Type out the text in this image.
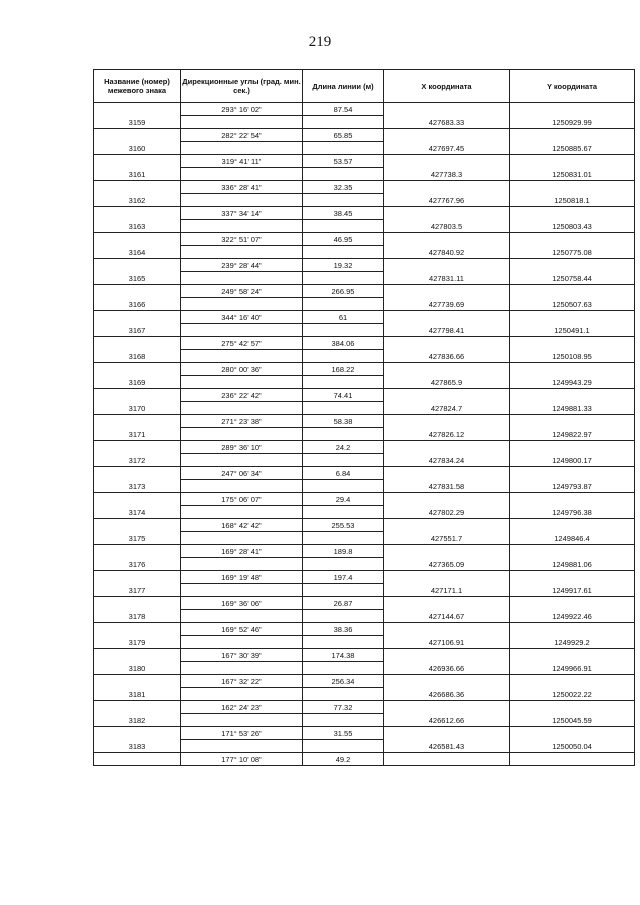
219
Название (номер) межевого знака	Дирекционные углы (град. мин. сек.)	Длина линии (м)	X координата	Y координата
	293° 16' 02"	87.54		
3159			427683.33	1250929.99
	282° 22' 54"	65.85		
3160			427697.45	1250885.67
	319° 41' 11"	53.57		
3161			427738.3	1250831.01
	336° 28' 41"	32.35		
3162			427767.96	1250818.1
	337° 34' 14"	38.45		
3163			427803.5	1250803.43
	322° 51' 07"	46.95		
3164			427840.92	1250775.08
	239° 28' 44"	19.32		
3165			427831.11	1250758.44
	249° 58' 24"	266.95		
3166			427739.69	1250507.63
	344° 16' 40"	61		
3167			427798.41	1250491.1
	275° 42' 57"	384.06		
3168			427836.66	1250108.95
	280° 00' 36"	168.22		
3169			427865.9	1249943.29
	236° 22' 42"	74.41		
3170			427824.7	1249881.33
	271° 23' 38"	58.38		
3171			427826.12	1249822.97
	289° 36' 10"	24.2		
3172			427834.24	1249800.17
	247° 06' 34"	6.84		
3173			427831.58	1249793.87
	175° 06' 07"	29.4		
3174			427802.29	1249796.38
	168° 42' 42"	255.53		
3175			427551.7	1249846.4
	169° 28' 41"	189.8		
3176			427365.09	1249881.06
	169° 19' 48"	197.4		
3177			427171.1	1249917.61
	169° 36' 06"	26.87		
3178			427144.67	1249922.46
	169° 52' 46"	38.36		
3179			427106.91	1249929.2
	167° 30' 39"	174.38		
3180			426936.66	1249966.91
	167° 32' 22"	256.34		
3181			426686.36	1250022.22
	162° 24' 23"	77.32		
3182			426612.66	1250045.59
	171° 53' 26"	31.55		
3183			426581.43	1250050.04
	177° 10' 08"	49.2		
